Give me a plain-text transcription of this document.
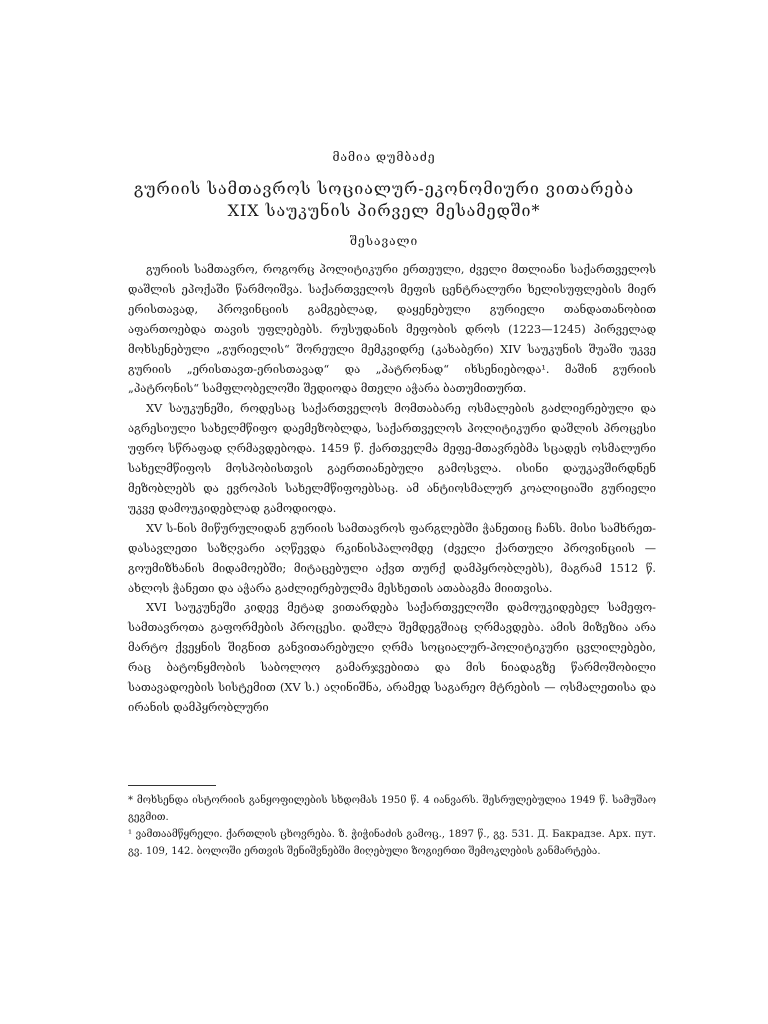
მამია დუმბაძე
გურიის სამთავროს სოციალურ-ეკონომიური ვითარება
XIX საუკუნის პირველ მესამედში*
შესავალი

გურიის სამთავრო, როგორც პოლიტიკური ერთეული, ძველი მთლიანი საქართველოს დაშლის ეპოქაში წარმოიშვა. საქართველოს მეფის ცენტრალური ხელისუფლების მიერ ერისთავად, პროვინციის გამგებლად, დაყენებული გურიელი თანდათანობით აფართოებდა თავის უფლებებს. რუსუდანის მეფობის დროს (1223—1245) პირველად მოხსენებული „გურიელის“ შორეული მემკვიდრე (კახაბერი) XIV საუკუნის შუაში უკვე გურიის „ერისთავთ-ერისთავად“ და „პატრონად“ იხსენიებოდა¹. მაშინ გურიის „პატრონის“ სამფლობელოში შედიოდა მთელი აჭარა ბათუმითურთ.

XV საუკუნეში, როდესაც საქართველოს მომთაბარე ოსმალების გაძლიერებული და აგრესიული სახელმწიფო დაემეზობლდა, საქართველოს პოლიტიკური დაშლის პროცესი უფრო სწრაფად ღრმავდებოდა. 1459 წ. ქართველმა მეფე-მთავრებმა სცადეს ოსმალური სახელმწიფოს მოსპობისთვის გაერთიანებული გამოსვლა. ისინი დაუკავშირდნენ მეზობლებს და ევროპის სახელმწიფოებსაც. ამ ანტიოსმალურ კოალიციაში გურიელი უკვე დამოუკიდებლად გამოდიოდა.

XV ს-ნის მიწურულიდან გურიის სამთავროს ფარგლებში ჭანეთიც ჩანს. მისი სამხრეთ-დასავლეთი საზღვარი აღწევდა რკინისპალომდე (ძველი ქართული პროვინციის — გოუმიზხანის მიდამოებში; მიტაცებული აქვთ თურქ დამპყრობლებს), მაგრამ 1512 წ. ახლოს ჭანეთი და აჭარა გაძლიერებულმა მესხეთის ათაბაგმა მიითვისა.

XVI საუკუნეში კიდევ მეტად ვითარდება საქართველოში დამოუკიდებელ სამეფო-სამთავროთა გაფორმების პროცესი. დაშლა შემდეგშიაც ღრმავდება. ამის მიზეზია არა მარტო ქვეყნის შიგნით განვითარებული ღრმა სოციალურ-პოლიტიკური ცვლილებები, რაც ბატონყმობის საბოლოო გამარჯვებითა და მის ნიადაგზე წარმოშობილი სათავადოების სისტემით (XV ს.) აღინიშნა, არამედ საგარეო მტრების — ოსმალეთისა და ირანის დამპყრობლური

* მოხსენდა ისტორიის განყოფილების სხდომას 1950 წ. 4 იანვარს. შესრულებულია 1949 წ. სამუშაო გეგმით.

¹ ვამთაამწყრელი. ქართლის ცხოვრება. ზ. ჭიჭინაძის გამოც., 1897 წ., გვ. 531. Д. Бакрадзе. Арх. пут. გვ. 109, 142. ბოლოში ერთვის შენიშვნებში მიღებული ზოგიერთი შემოკლების განმარტება.
